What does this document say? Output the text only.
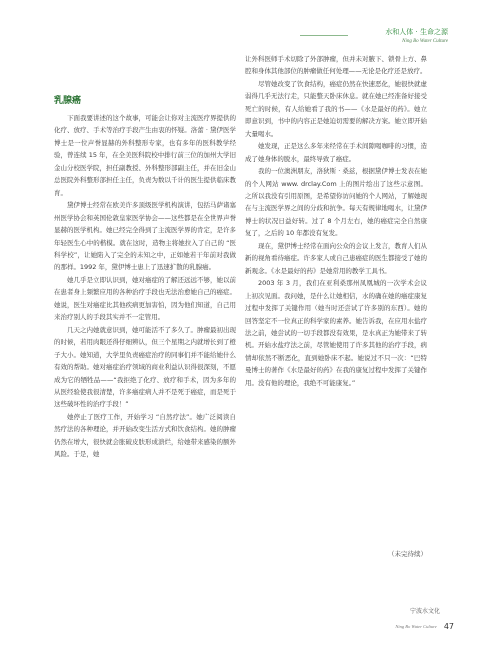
水和人体 · 生命之源
Ning Bo Water Culture
乳腺癌

下面我要讲述的这个故事，可能会让你对主流医疗界提供的化疗、放疗、手术等治疗手段产生由衷的怀疑。洛蕾 · 黛伊医学博士是一位声誉显赫的外科整形专家，也有多年的医科教学经验，曾连续 15 年，在全美医科院校中排行前三位的加州大学旧金山分校医学院，担任副教授、外科整形部副主任，并在旧金山总医院外科整形部担任主任，负责为数以千计的医生提供临床教育。

黛伊博士经常在欧美许多顶级医学机构演讲，包括马萨诸塞州医学协会和英国伦敦皇家医学协会——这些都是在全世界声誉显赫的医学机构。她已经完全得到了主流医学界的肯定，是许多年轻医生心中的楷模。就在这时，造物主将她拉入了自己的 “医科学校”，让她陷入了完全的未知之中，正如她若干年前对我做的那样。1992 年，黛伊博士患上了迅速扩散的乳腺癌。

她几乎是立即认识到，她对癌症的了解还远远不够，她以前在患者身上频繁应用的各种治疗手段也无法治愈她自己的癌症。她说，医生对癌症比其他疾病更加害怕，因为他们知道，自己用来治疗别人的手段其实并不一定管用。

几天之内她就意识到，她可能活不了多久了。肿瘤最初出现的时候，若用肉眼还得仔细辨认，但三个星期之内就增长到了橙子大小。她知道，大学里负责癌症治疗的同事们并不能给她什么有效的帮助。她对癌症治疗领域的商业利益认识得很深刻，不愿成为它的牺牲品——“我拒绝了化疗、放疗和手术，因为多年的从医经验使我很清楚，许多癌症病人并不是死于癌症，而是死于这些破坏性的治疗手段！”

她停止了医疗工作，开始学习 “自然疗法”。她广泛阅读自然疗法的各种理论，并开始改变生活方式和饮食结构。她的肿瘤仍然在增大，很快就会胀破皮肤形成溃烂，给她带来感染的额外风险。于是，她

让外科医师手术切除了外部肿瘤，但并未对腋下、锁骨上方、鼻腔和身体其他部位的肿瘤做任何处理——无论是化疗还是放疗。

尽管她改变了饮食结构，癌症仍然在快速恶化，她很快就虚弱得几乎无法行走，只能整天卧床休息。就在她已经准备好接受死亡的时候，有人给她看了我的书——《水是最好的药》。她立即意识到，书中的内容正是她迫切需要的解决方案。她立即开始大量喝水。

她发现，正是这么多年来经常在手术间隙喝咖啡的习惯，造成了她身体的脱水，最终导致了癌症。

我的一位澳洲朋友，洛狄斯 · 桑兹，根据黛伊博士发表在她的个人网站 www. drclay.Com 上的图片绘出了这些示意图。之所以我没有引用原图，是希望你访问她的个人网站，了解她现在与主流医学界之间的分歧和抗争。每天有规律地喝水，让黛伊博士的状况日益好转。过了 8 个月左右，她的癌症完全自然康复了，之后的 10 年都没有复发。

现在，黛伊博士经常在面向公众的会议上发言，教育人们从新的视角看待癌症。许多家人或自己患癌症的医生都接受了她的新观念。《水是最好的药》是她常用的教学工具书。

2003 年 3 月，我们在亚利桑那州凤凰城的一次学术会议上初次见面。我问她，是什么让她相信，水的确在她的癌症康复过程中发挥了关键作用（她当时还尝试了许多别的东西）。她的回答坚定不一位真正的科学家的素养。她告诉我，在应用水盐疗法之前，她尝试的一切手段都没有效果，是水真正为她带来了转机。开始水盐疗法之前，尽管她使用了许多其他的治疗手段，病情却依然不断恶化，直到她卧床不起。她说过不只一次：“巴特曼博士的著作《水是最好的药》在我的康复过程中发挥了关键作用。没有他的理论，我绝不可能康复。”

（未完待续）
宁波水文化
Ning Bo Water Culture 47
